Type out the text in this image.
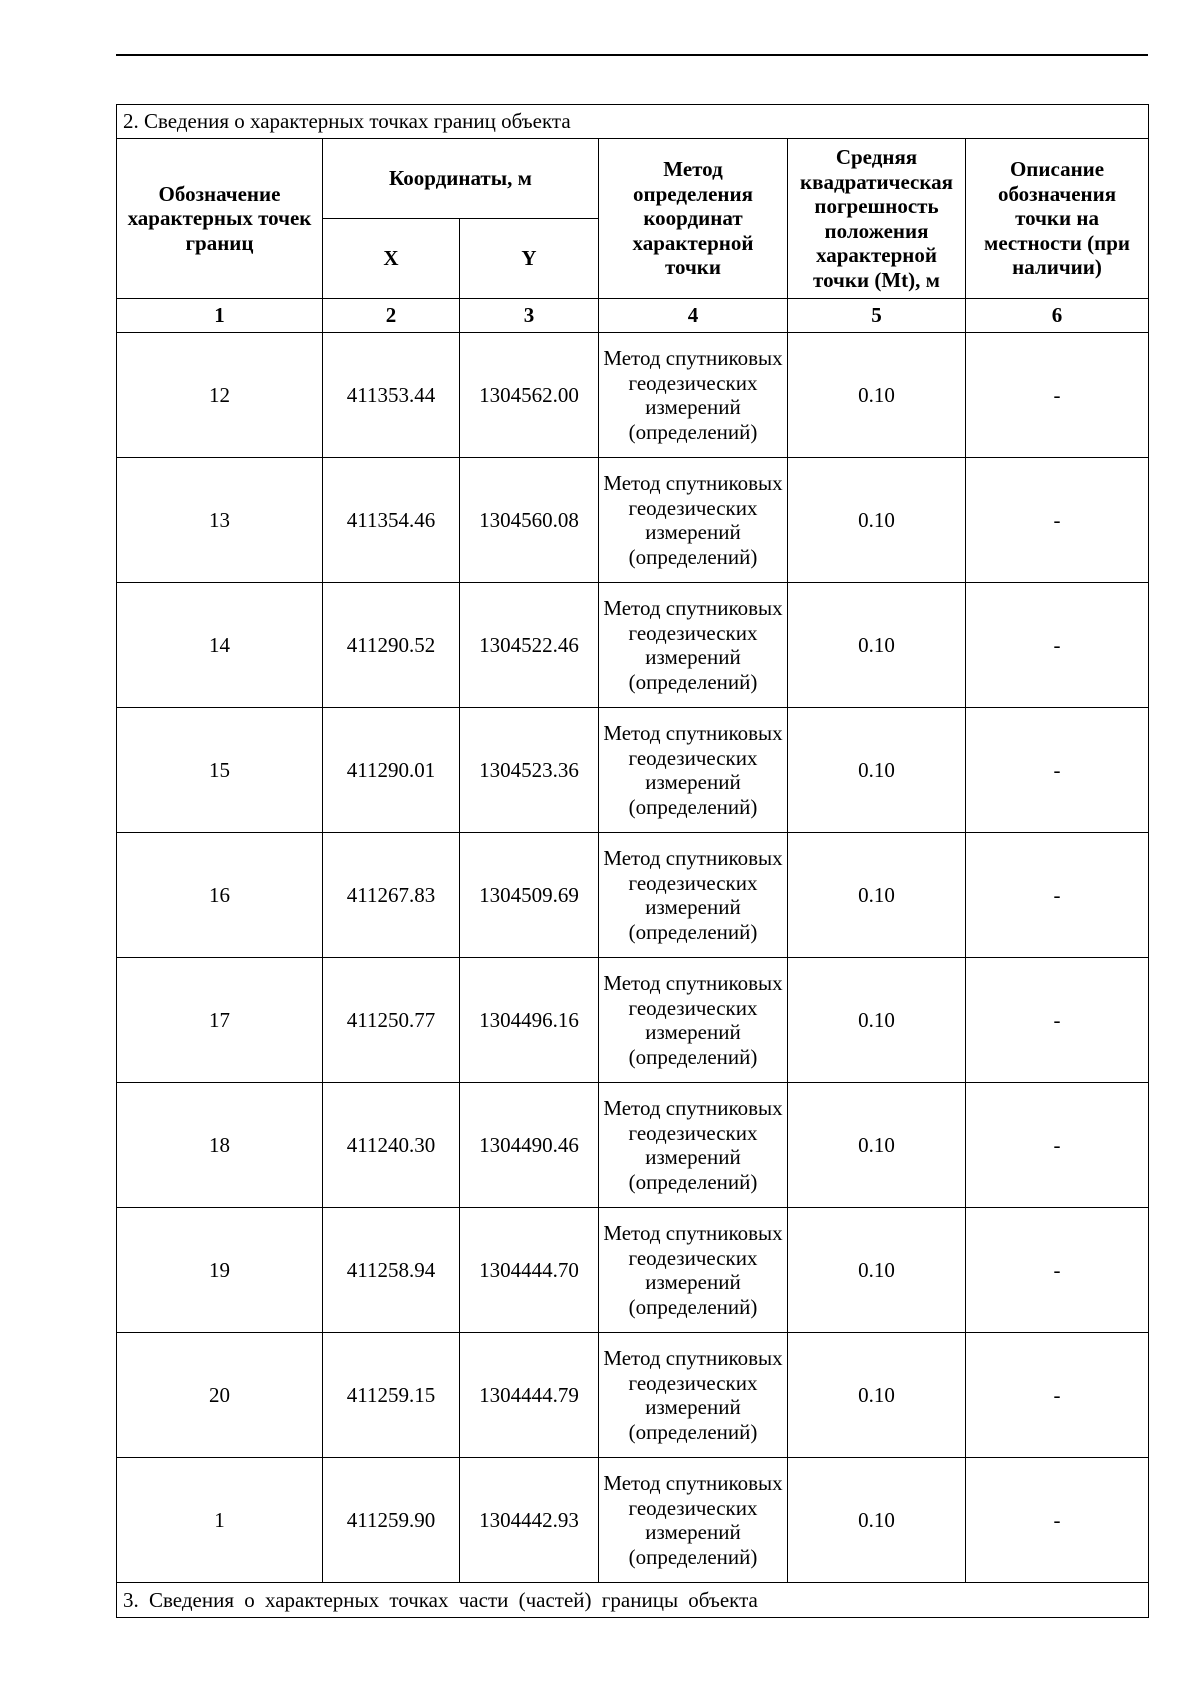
2. Сведения о характерных точках границ объекта					
Обозначение характерных точек границ	Координаты, м		Метод определения координат характерной точки	Средняя квадратическая погрешность положения характерной точки (Mt), м	Описание обозначения точки на местности (при наличии)
	X	Y			
1	2	3	4	5	6
12	411353.44	1304562.00	Метод спутниковых геодезических измерений (определений)	0.10	-
13	411354.46	1304560.08	Метод спутниковых геодезических измерений (определений)	0.10	-
14	411290.52	1304522.46	Метод спутниковых геодезических измерений (определений)	0.10	-
15	411290.01	1304523.36	Метод спутниковых геодезических измерений (определений)	0.10	-
16	411267.83	1304509.69	Метод спутниковых геодезических измерений (определений)	0.10	-
17	411250.77	1304496.16	Метод спутниковых геодезических измерений (определений)	0.10	-
18	411240.30	1304490.46	Метод спутниковых геодезических измерений (определений)	0.10	-
19	411258.94	1304444.70	Метод спутниковых геодезических измерений (определений)	0.10	-
20	411259.15	1304444.79	Метод спутниковых геодезических измерений (определений)	0.10	-
1	411259.90	1304442.93	Метод спутниковых геодезических измерений (определений)	0.10	-
3. Сведения о характерных точках части (частей) границы объекта					
